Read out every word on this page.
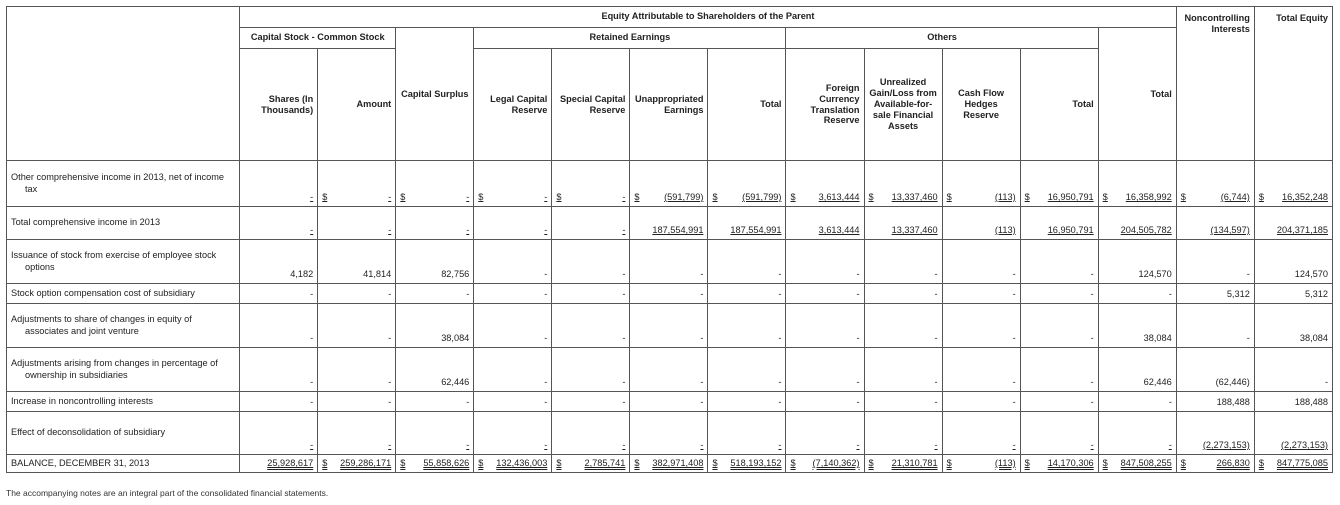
	Equity Attributable to Shareholders of the Parent												Noncontrolling Interests	Total Equity
	Capital Stock - Common Stock		Capital Surplus	Retained Earnings				Others				Total		
	Shares (In Thousands)	Amount		Legal Capital Reserve	Special Capital Reserve	Unappropriated Earnings	Total	Foreign Currency Translation Reserve	Unrealized Gain/Loss from Available-for-sale Financial Assets	Cash Flow Hedges Reserve	Total			
Other comprehensive income in 2013, net of income
tax	-	$ -	$ -	$ -	$ -	$ (591,799)	$ (591,799)	$ 3,613,444	$ 13,337,460	$ (113)	$ 16,950,791	$ 16,358,992	$ (6,744)	$ 16,352,248

Total comprehensive income in 2013	-	-	-	-	-	187,554,991	187,554,991	3,613,444	13,337,460	(113)	16,950,791	204,505,782	(134,597)	204,371,185

Issuance of stock from exercise of employee stock
options	4,182	41,814	82,756	-	-	-	-	-	-	-	-	124,570	-	124,570

Stock option compensation cost of subsidiary	-	-	-	-	-	-	-	-	-	-	-	-	5,312	5,312

Adjustments to share of changes in equity of
associates and joint venture	-	-	38,084	-	-	-	-	-	-	-	-	38,084	-	38,084

Adjustments arising from changes in percentage of
ownership in subsidiaries	-	-	62,446	-	-	-	-	-	-	-	-	62,446	(62,446)	-

Increase in noncontrolling interests	-	-	-	-	-	-	-	-	-	-	-	-	188,488	188,488

Effect of deconsolidation of subsidiary	-	-	-	-	-	-	-	-	-	-	-	-	(2,273,153)	(2,273,153)

BALANCE, DECEMBER 31, 2013	25,928,617	$ 259,286,171	$ 55,858,626	$ 132,436,003	$ 2,785,741	$ 382,971,408	$ 518,193,152	$ (7,140,362)	$ 21,310,781	$ (113)	$ 14,170,306	$ 847,508,255	$ 266,830	$ 847,775,085
The accompanying notes are an integral part of the consolidated financial statements.
